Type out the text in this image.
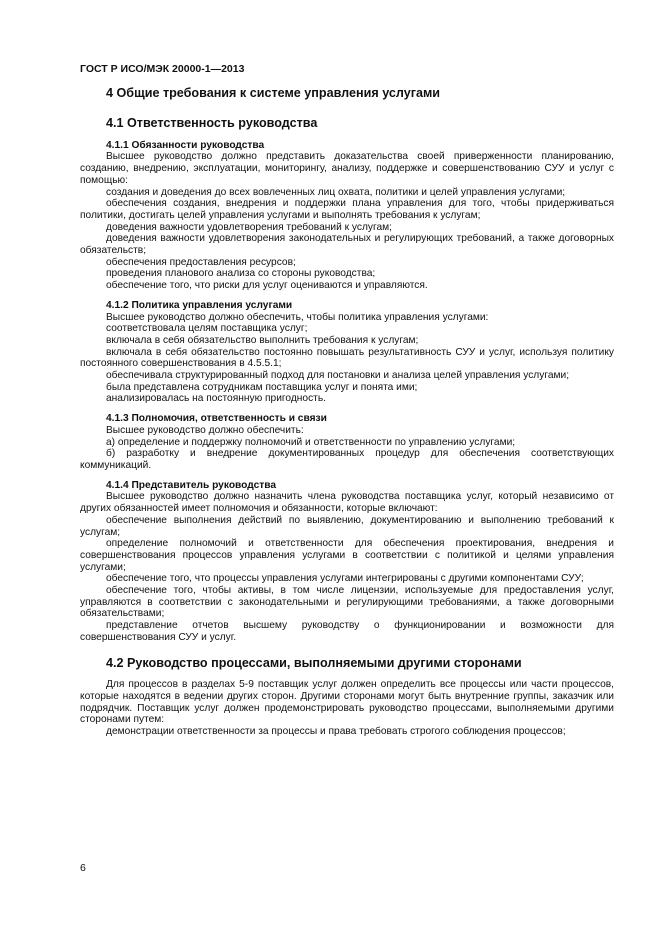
ГОСТ Р ИСО/МЭК 20000-1—2013
4 Общие требования к системе управления услугами
4.1 Ответственность руководства
4.1.1 Обязанности руководства

Высшее руководство должно представить доказательства своей приверженности планированию, созданию, внедрению, эксплуатации, мониторингу, анализу, поддержке и совершенствованию СУУ и услуг с помощью:

создания и доведения до всех вовлеченных лиц охвата, политики и целей управления услугами;

обеспечения создания, внедрения и поддержки плана управления для того, чтобы придерживаться политики, достигать целей управления услугами и выполнять требования к услугам;

доведения важности удовлетворения требований к услугам;

доведения важности удовлетворения законодательных и регулирующих требований, а также договорных обязательств;

обеспечения предоставления ресурсов;

проведения планового анализа со стороны руководства;

обеспечение того, что риски для услуг оцениваются и управляются.

4.1.2 Политика управления услугами

Высшее руководство должно обеспечить, чтобы политика управления услугами:

соответствовала целям поставщика услуг;

включала в себя обязательство выполнить требования к услугам;

включала в себя обязательство постоянно повышать результативность СУУ и услуг, используя политику постоянного совершенствования в 4.5.5.1;

обеспечивала структурированный подход для постановки и анализа целей управления услугами;

была представлена сотрудникам поставщика услуг и понята ими;

анализировалась на постоянную пригодность.

4.1.3 Полномочия, ответственность и связи

Высшее руководство должно обеспечить:

а) определение и поддержку полномочий и ответственности по управлению услугами;

б) разработку и внедрение документированных процедур для обеспечения соответствующих коммуникаций.

4.1.4 Представитель руководства

Высшее руководство должно назначить члена руководства поставщика услуг, который независимо от других обязанностей имеет полномочия и обязанности, которые включают:

обеспечение выполнения действий по выявлению, документированию и выполнению требований к услугам;

определение полномочий и ответственности для обеспечения проектирования, внедрения и совершенствования процессов управления услугами в соответствии с политикой и целями управления услугами;

обеспечение того, что процессы управления услугами интегрированы с другими компонентами СУУ;

обеспечение того, чтобы активы, в том числе лицензии, используемые для предоставления услуг, управляются в соответствии с законодательными и регулирующими требованиями, а также договорными обязательствами;

представление отчетов высшему руководству о функционировании и возможности для совершенствования СУУ и услуг.

4.2 Руководство процессами, выполняемыми другими сторонами

Для процессов в разделах 5-9 поставщик услуг должен определить все процессы или части процессов, которые находятся в ведении других сторон. Другими сторонами могут быть внутренние группы, заказчик или подрядчик. Поставщик услуг должен продемонстрировать руководство процессами, выполняемыми другими сторонами путем:

демонстрации ответственности за процессы и права требовать строгого соблюдения процессов;

6
